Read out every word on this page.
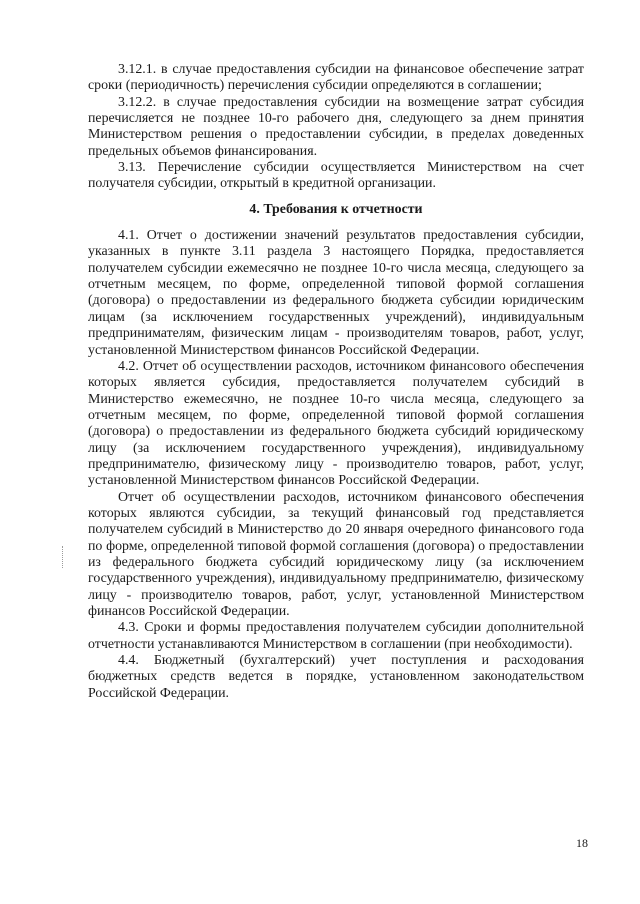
3.12.1. в случае предоставления субсидии на финансовое обеспечение затрат сроки (периодичность) перечисления субсидии определяются в соглашении;

3.12.2. в случае предоставления субсидии на возмещение затрат субсидия перечисляется не позднее 10-го рабочего дня, следующего за днем принятия Министерством решения о предоставлении субсидии, в пределах доведенных предельных объемов финансирования.

3.13. Перечисление субсидии осуществляется Министерством на счет получателя субсидии, открытый в кредитной организации.

4. Требования к отчетности

4.1. Отчет о достижении значений результатов предоставления субсидии, указанных в пункте 3.11 раздела 3 настоящего Порядка, предоставляется получателем субсидии ежемесячно не позднее 10-го числа месяца, следующего за отчетным месяцем, по форме, определенной типовой формой соглашения (договора) о предоставлении из федерального бюджета субсидии юридическим лицам (за исключением государственных учреждений), индивидуальным предпринимателям, физическим лицам - производителям товаров, работ, услуг, установленной Министерством финансов Российской Федерации.

4.2. Отчет об осуществлении расходов, источником финансового обеспечения которых является субсидия, предоставляется получателем субсидий в Министерство ежемесячно, не позднее 10-го числа месяца, следующего за отчетным месяцем, по форме, определенной типовой формой соглашения (договора) о предоставлении из федерального бюджета субсидий юридическому лицу (за исключением государственного учреждения), индивидуальному предпринимателю, физическому лицу - производителю товаров, работ, услуг, установленной Министерством финансов Российской Федерации.

Отчет об осуществлении расходов, источником финансового обеспечения которых являются субсидии, за текущий финансовый год представляется получателем субсидий в Министерство до 20 января очередного финансового года по форме, определенной типовой формой соглашения (договора) о предоставлении из федерального бюджета субсидий юридическому лицу (за исключением государственного учреждения), индивидуальному предпринимателю, физическому лицу - производителю товаров, работ, услуг, установленной Министерством финансов Российской Федерации.

4.3. Сроки и формы предоставления получателем субсидии дополнительной отчетности устанавливаются Министерством в соглашении (при необходимости).

4.4. Бюджетный (бухгалтерский) учет поступления и расходования бюджетных средств ведется в порядке, установленном законодательством Российской Федерации.

18
